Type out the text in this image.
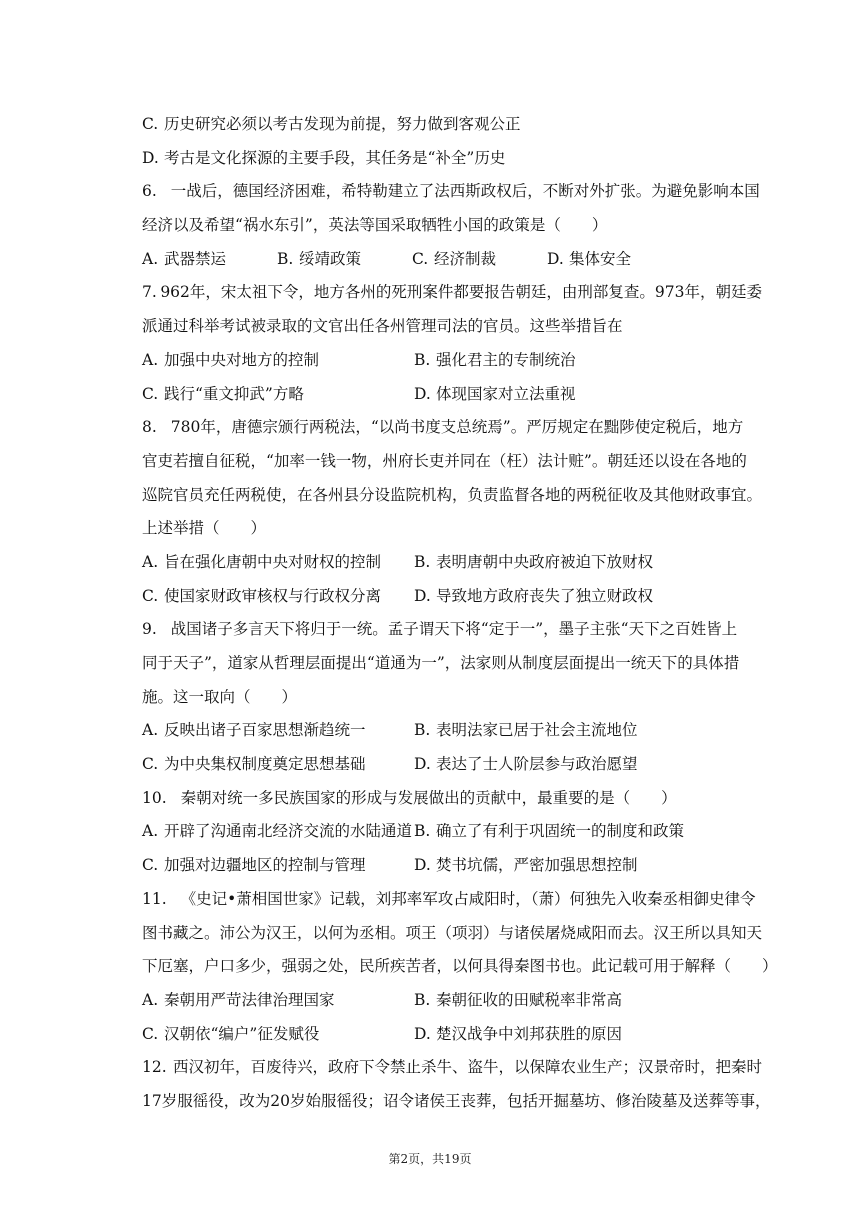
C. 历史研究必须以考古发现为前提，努力做到客观公正
D. 考古是文化探源的主要手段，其任务是“补全”历史
6. 一战后，德国经济困难，希特勒建立了法西斯政权后，不断对外扩张。为避免影响本国
经济以及希望“祸水东引”，英法等国采取牺牲小国的政策是（　　）
A. 武器禁运	B. 绥靖政策	C. 经济制裁	D. 集体安全
7. 962年，宋太祖下令，地方各州的死刑案件都要报告朝廷，由刑部复查。973年，朝廷委
派通过科举考试被录取的文官出任各州管理司法的官员。这些举措旨在
A. 加强中央对地方的控制	B. 强化君主的专制统治
C. 践行“重文抑武”方略	D. 体现国家对立法重视
8. 780年，唐德宗颁行两税法，“以尚书度支总统焉”。严厉规定在黜陟使定税后，地方
官吏若擅自征税，“加率一钱一物，州府长吏并同在（枉）法计赃”。朝廷还以设在各地的
巡院官员充任两税使，在各州县分设监院机构，负责监督各地的两税征收及其他财政事宜。
上述举措（　　）
A. 旨在强化唐朝中央对财权的控制	B. 表明唐朝中央政府被迫下放财权
C. 使国家财政审核权与行政权分离	D. 导致地方政府丧失了独立财政权
9. 战国诸子多言天下将归于一统。孟子谓天下将“定于一”，墨子主张“天下之百姓皆上
同于天子”，道家从哲理层面提出“道通为一”，法家则从制度层面提出一统天下的具体措
施。这一取向（　　）
A. 反映出诸子百家思想渐趋统一	B. 表明法家已居于社会主流地位
C. 为中央集权制度奠定思想基础	D. 表达了士人阶层参与政治愿望
10. 秦朝对统一多民族国家的形成与发展做出的贡献中，最重要的是（　　）
A. 开辟了沟通南北经济交流的水陆通道 B. 确立了有利于巩固统一的制度和政策
C. 加强对边疆地区的控制与管理	D. 焚书坑儒，严密加强思想控制
11. 《史记•萧相国世家》记载，刘邦率军攻占咸阳时，（萧）何独先入收秦丞相御史律令
图书藏之。沛公为汉王，以何为丞相。项王（项羽）与诸侯屠烧咸阳而去。汉王所以具知天
下厄塞，户口多少，强弱之处，民所疾苦者，以何具得秦图书也。此记载可用于解释（　　）
A. 秦朝用严苛法律治理国家	B. 秦朝征收的田赋税率非常高
C. 汉朝依“编户”征发赋役	D. 楚汉战争中刘邦获胜的原因
12. 西汉初年，百废待兴，政府下令禁止杀牛、盗牛，以保障农业生产；汉景帝时，把秦时
17岁服徭役，改为20岁始服徭役；诏令诸侯王丧葬，包括开掘墓坊、修治陵墓及送葬等事，
第2页，共19页
